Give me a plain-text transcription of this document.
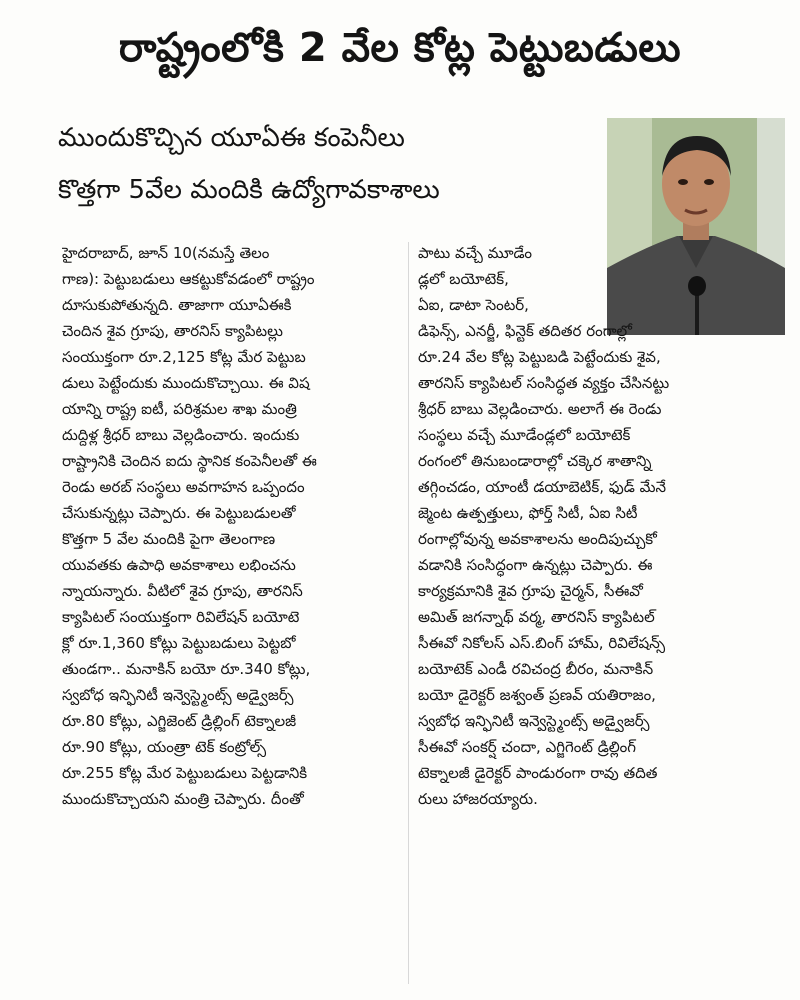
రాష్ట్రంలోకి 2 వేల కోట్ల పెట్టుబడులు
ముందుకొచ్చిన యూఏఈ కంపెనీలు
కొత్తగా 5వేల మందికి ఉద్యోగావకాశాలు

హైదరాబాద్, జూన్ 10(నమస్తే తెలం

గాణ): పెట్టుబడులు ఆకట్టుకోవడంలో రాష్ట్రం

దూసుకుపోతున్నది. తాజాగా యూఏఈకి

చెందిన శైవ గ్రూపు, తారనిస్ క్యాపిటల్లు

సంయుక్తంగా రూ.2,125 కోట్ల మేర పెట్టుబ

డులు పెట్టేందుకు ముందుకొచ్చాయి. ఈ విష

యాన్ని రాష్ట్ర ఐటీ, పరిశ్రమల శాఖ మంత్రి

దుద్దిళ్ల శ్రీధర్ బాబు వెల్లడించారు. ఇందుకు

రాష్ట్రానికి చెందిన ఐదు స్థానిక కంపెనీలతో ఈ

రెండు అరబ్ సంస్థలు అవగాహన ఒప్పందం

చేసుకున్నట్లు చెప్పారు. ఈ పెట్టుబడులతో

కొత్తగా 5 వేల మందికి పైగా తెలంగాణ

యువతకు ఉపాధి అవకాశాలు లభించను

న్నాయన్నారు. వీటిలో శైవ గ్రూపు, తారనిస్

క్యాపిటల్ సంయుక్తంగా రివిలేషన్ బయోటె

క్లో రూ.1,360 కోట్లు పెట్టుబడులు పెట్టబో

తుండగా.. మనాకిన్ బయో రూ.340 కోట్లు,

స్వబోధ ఇన్ఫినిటీ ఇన్వెస్ట్మెంట్స్ అడ్వైజర్స్

రూ.80 కోట్లు, ఎగ్జిజెంట్ డ్రిల్లింగ్ టెక్నాలజీ

రూ.90 కోట్లు, యంత్రా టెక్ కంట్రోల్స్

రూ.255 కోట్ల మేర పెట్టుబడులు పెట్టడానికి

ముందుకొచ్చాయని మంత్రి చెప్పారు. దీంతో

పాటు వచ్చే మూడేం

డ్లలో బయోటెక్,

ఏఐ, డాటా సెంటర్,

డిఫెన్స్, ఎనర్జీ, ఫిన్టెక్ తదితర రంగాల్లో

రూ.24 వేల కోట్ల పెట్టుబడి పెట్టేందుకు శైవ,

తారనిస్ క్యాపిటల్ సంసిద్ధత వ్యక్తం చేసినట్టు

శ్రీధర్ బాబు వెల్లడించారు. అలాగే ఈ రెండు

సంస్థలు వచ్చే మూడేండ్లలో బయోటెక్

రంగంలో తినుబండారాల్లో చక్కెర శాతాన్ని

తగ్గించడం, యాంటీ డయాబెటిక్, ఫుడ్ మేనే

జ్మెంట ఉత్పత్తులు, ఫోర్త్ సిటీ, ఏఐ సిటీ

రంగాల్లోవున్న అవకాశాలను అందిపుచ్చుకో

వడానికి సంసిద్ధంగా ఉన్నట్లు చెప్పారు. ఈ

కార్యక్రమానికి శైవ గ్రూపు చైర్మన్, సీఈవో

అమిత్ జగన్నాథ్ వర్మ, తారనిస్ క్యాపిటల్

సీఈవో నికోలస్ ఎస్.బింగ్ హామ్, రివిలేషన్స్

బయోటెక్ ఎండీ రవిచంద్ర బీరం, మనాకిన్

బయో డైరెక్టర్ జశ్వంత్ ప్రణవ్ యతిరాజం,

స్వబోధ ఇన్ఫినిటీ ఇన్వెస్ట్మెంట్స్ అడ్వైజర్స్

సీఈవో సంకర్ష్ చందా, ఎగ్జిగెంట్ డ్రిల్లింగ్

టెక్నాలజీ డైరెక్టర్ పాండురంగా రావు తదిత

రులు హాజరయ్యారు.
